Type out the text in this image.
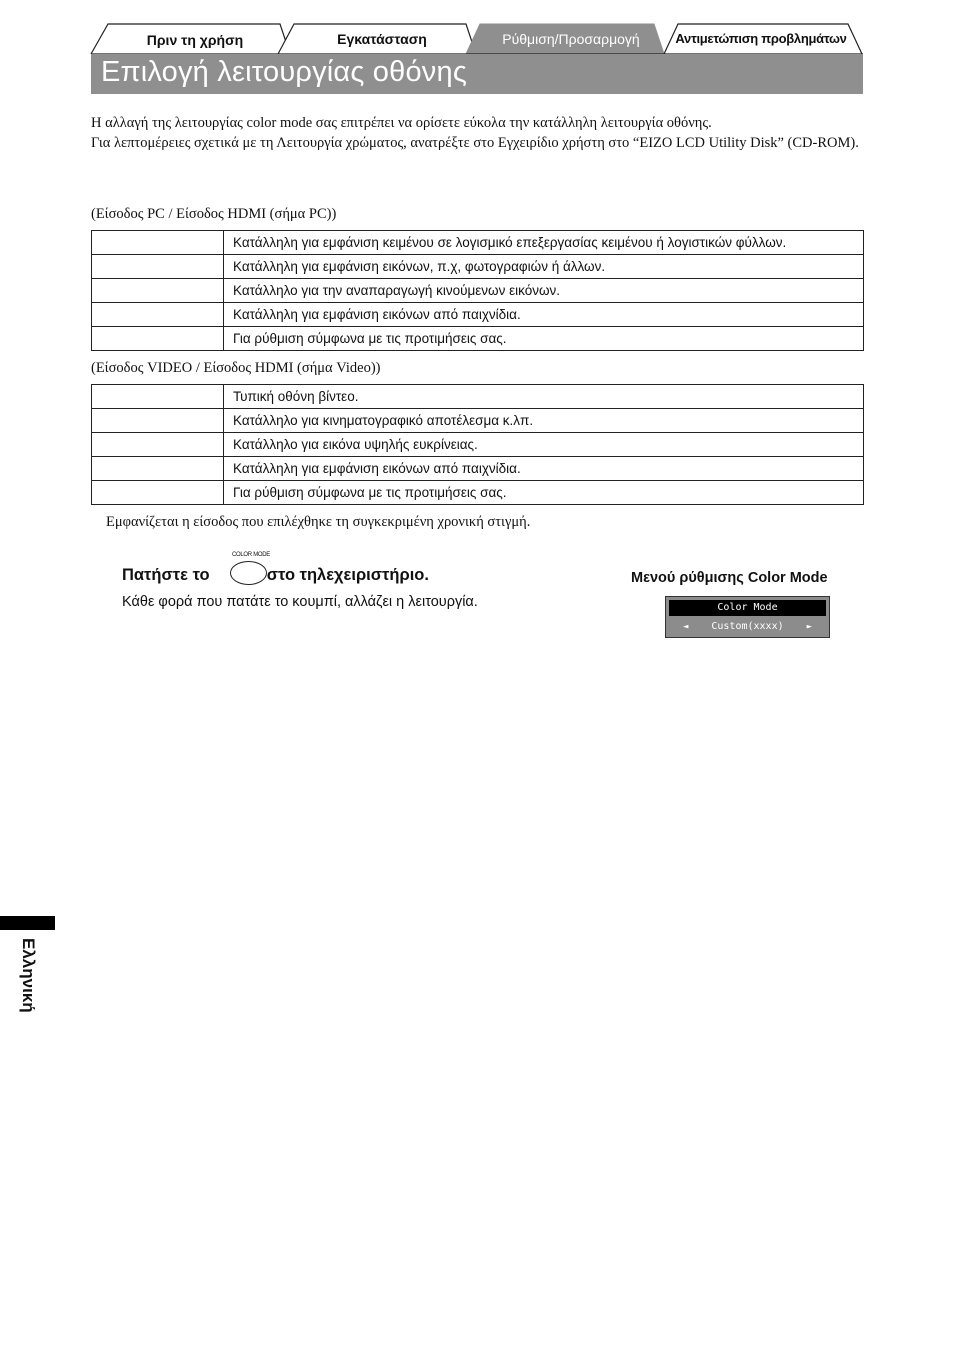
Πριν τη χρήση	Εγκατάσταση	Ρύθμιση/Προσαρμογή	Αντιμετώπιση προβλημάτων
Επιλογή λειτουργίας οθόνης

Η αλλαγή της λειτουργίας color mode σας επιτρέπει να ορίσετε εύκολα την κατάλληλη λειτουργία οθόνης.

Για λεπτομέρειες σχετικά με τη Λειτουργία χρώματος, ανατρέξτε στο Εγχειρίδιο χρήστη στο “EIZO LCD Utility Disk” (CD-ROM).

(Είσοδος PC / Είσοδος HDMI (σήμα PC))
	Κατάλληλη για εμφάνιση κειμένου σε λογισμικό επεξεργασίας κειμένου ή λογιστικών φύλλων.
	Κατάλληλη για εμφάνιση εικόνων, π.χ, φωτογραφιών ή άλλων.
	Κατάλληλο για την αναπαραγωγή κινούμενων εικόνων.
	Κατάλληλη για εμφάνιση εικόνων από παιχνίδια.
	Για ρύθμιση σύμφωνα με τις προτιμήσεις σας.
(Είσοδος VIDEO / Είσοδος HDMI (σήμα Video))
	Τυπική οθόνη βίντεο.
	Κατάλληλο για κινηματογραφικό αποτέλεσμα κ.λπ.
	Κατάλληλο για εικόνα υψηλής ευκρίνειας.
	Κατάλληλη για εμφάνιση εικόνων από παιχνίδια.
	Για ρύθμιση σύμφωνα με τις προτιμήσεις σας.
Εμφανίζεται η είσοδος που επιλέχθηκε τη συγκεκριμένη χρονική στιγμή.
Πατήστε το	στο τηλεχειριστήριο.
COLOR MODE
Κάθε φορά που πατάτε το κουμπί, αλλάζει η λειτουργία.
Μενού ρύθμισης Color Mode
Color Mode
◄	Custom(xxxx)	►
Ελληνική
